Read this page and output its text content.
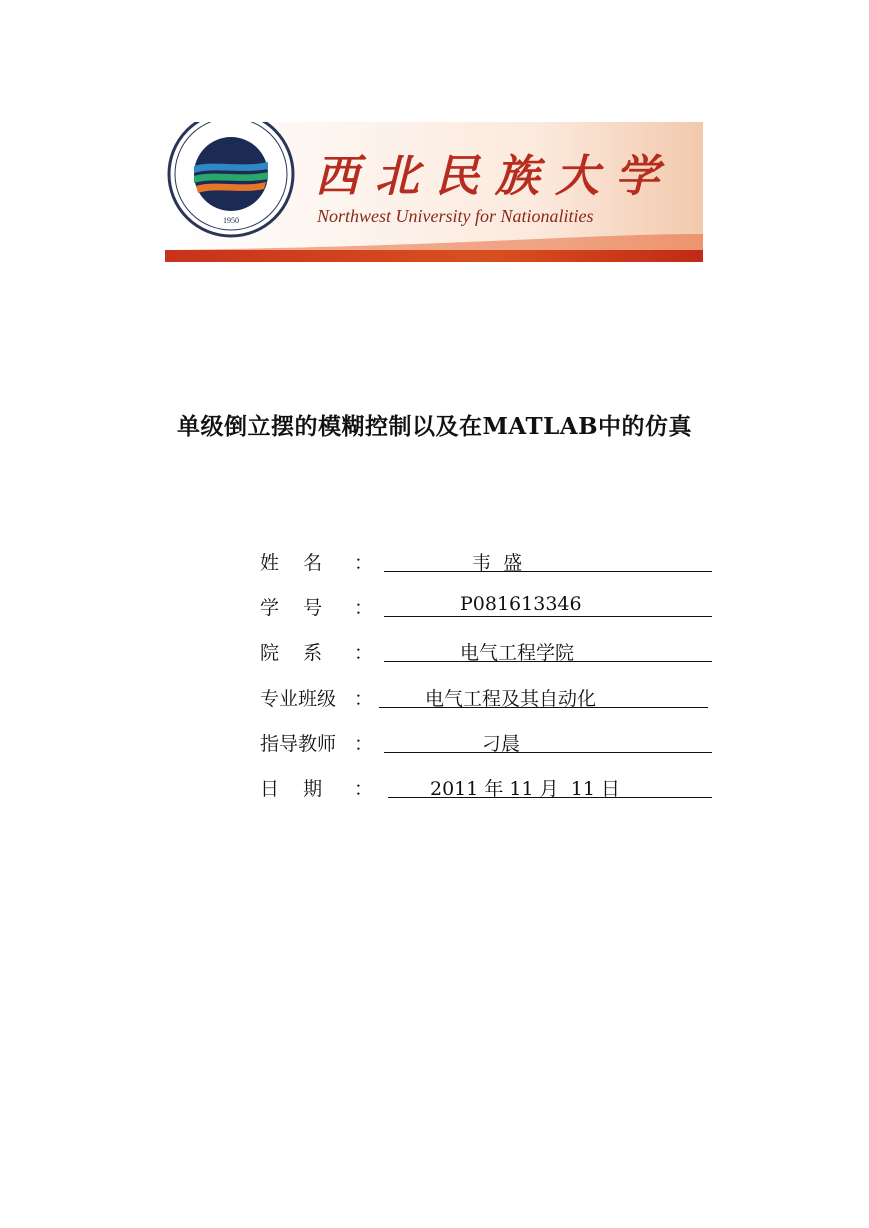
1950
西北民族大学
Northwest University for Nationalities
单级倒立摆的模糊控制以及在MATLAB中的仿真
姓    名 ：	韦  盛
学    号 ：	P081613346
院    系 ：	电气工程学院
专业班级 ：	电气工程及其自动化
指导教师 ：	刁晨
日    期 ：	2011 年 11 月  11 日
